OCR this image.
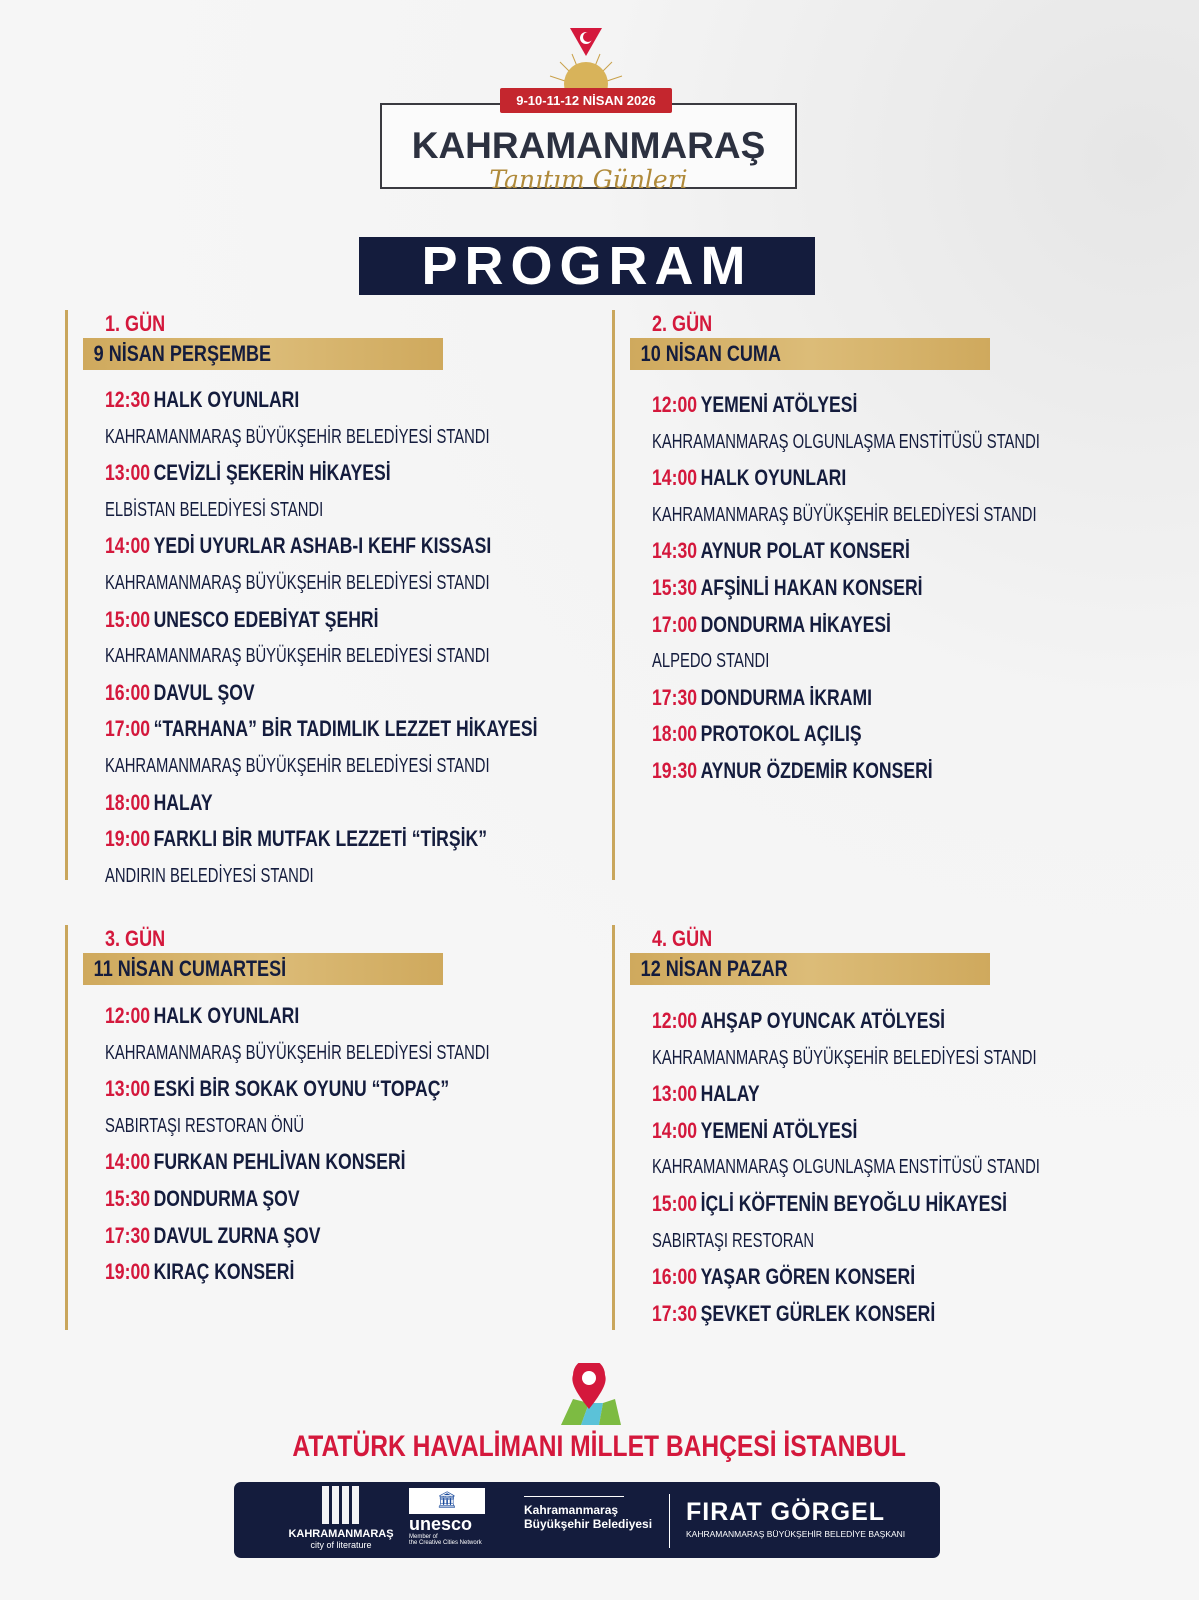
9-10-11-12 NİSAN 2026
KAHRAMANMARAŞ
Tanıtım Günleri
PROGRAM
1. GÜN
9 NİSAN PERŞEMBE
12:30 HALK OYUNLARI
KAHRAMANMARAŞ BÜYÜKŞEHİR BELEDİYESİ STANDI
13:00 CEVİZLİ ŞEKERİN HİKAYESİ
ELBİSTAN BELEDİYESİ STANDI
14:00 YEDİ UYURLAR ASHAB-I KEHF KISSASI
KAHRAMANMARAŞ BÜYÜKŞEHİR BELEDİYESİ STANDI
15:00 UNESCO EDEBİYAT ŞEHRİ
KAHRAMANMARAŞ BÜYÜKŞEHİR BELEDİYESİ STANDI
16:00 DAVUL ŞOV
17:00 “TARHANA” BİR TADIMLIK LEZZET HİKAYESİ
KAHRAMANMARAŞ BÜYÜKŞEHİR BELEDİYESİ STANDI
18:00 HALAY
19:00 FARKLI BİR MUTFAK LEZZETİ “TİRŞİK”
ANDIRIN BELEDİYESİ STANDI
2. GÜN
10 NİSAN CUMA
12:00 YEMENİ ATÖLYESİ
KAHRAMANMARAŞ OLGUNLAŞMA ENSTİTÜSÜ STANDI
14:00 HALK OYUNLARI
KAHRAMANMARAŞ BÜYÜKŞEHİR BELEDİYESİ STANDI
14:30 AYNUR POLAT KONSERİ
15:30 AFŞİNLİ HAKAN KONSERİ
17:00 DONDURMA HİKAYESİ
ALPEDO STANDI
17:30 DONDURMA İKRAMI
18:00 PROTOKOL AÇILIŞ
19:30 AYNUR ÖZDEMİR KONSERİ
3. GÜN
11 NİSAN CUMARTESİ
12:00 HALK OYUNLARI
KAHRAMANMARAŞ BÜYÜKŞEHİR BELEDİYESİ STANDI
13:00 ESKİ BİR SOKAK OYUNU “TOPAÇ”
SABIRTAŞI RESTORAN ÖNÜ
14:00 FURKAN PEHLİVAN KONSERİ
15:30 DONDURMA ŞOV
17:30 DAVUL ZURNA ŞOV
19:00 KIRAÇ KONSERİ
4. GÜN
12 NİSAN PAZAR
12:00 AHŞAP OYUNCAK ATÖLYESİ
KAHRAMANMARAŞ BÜYÜKŞEHİR BELEDİYESİ STANDI
13:00 HALAY
14:00 YEMENİ ATÖLYESİ
KAHRAMANMARAŞ OLGUNLAŞMA ENSTİTÜSÜ STANDI
15:00 İÇLİ KÖFTENİN BEYOĞLU HİKAYESİ
SABIRTAŞI RESTORAN
16:00 YAŞAR GÖREN KONSERİ
17:30 ŞEVKET GÜRLEK KONSERİ
ATATÜRK HAVALİMANI MİLLET BAHÇESİ İSTANBUL
KAHRAMANMARAŞ
city of literature
🏛
unesco
Member of
the Creative Cities Network
Kahramanmaraş
Büyükşehir Belediyesi FIRAT GÖRGEL
KAHRAMANMARAŞ BÜYÜKŞEHİR BELEDİYE BAŞKANI
